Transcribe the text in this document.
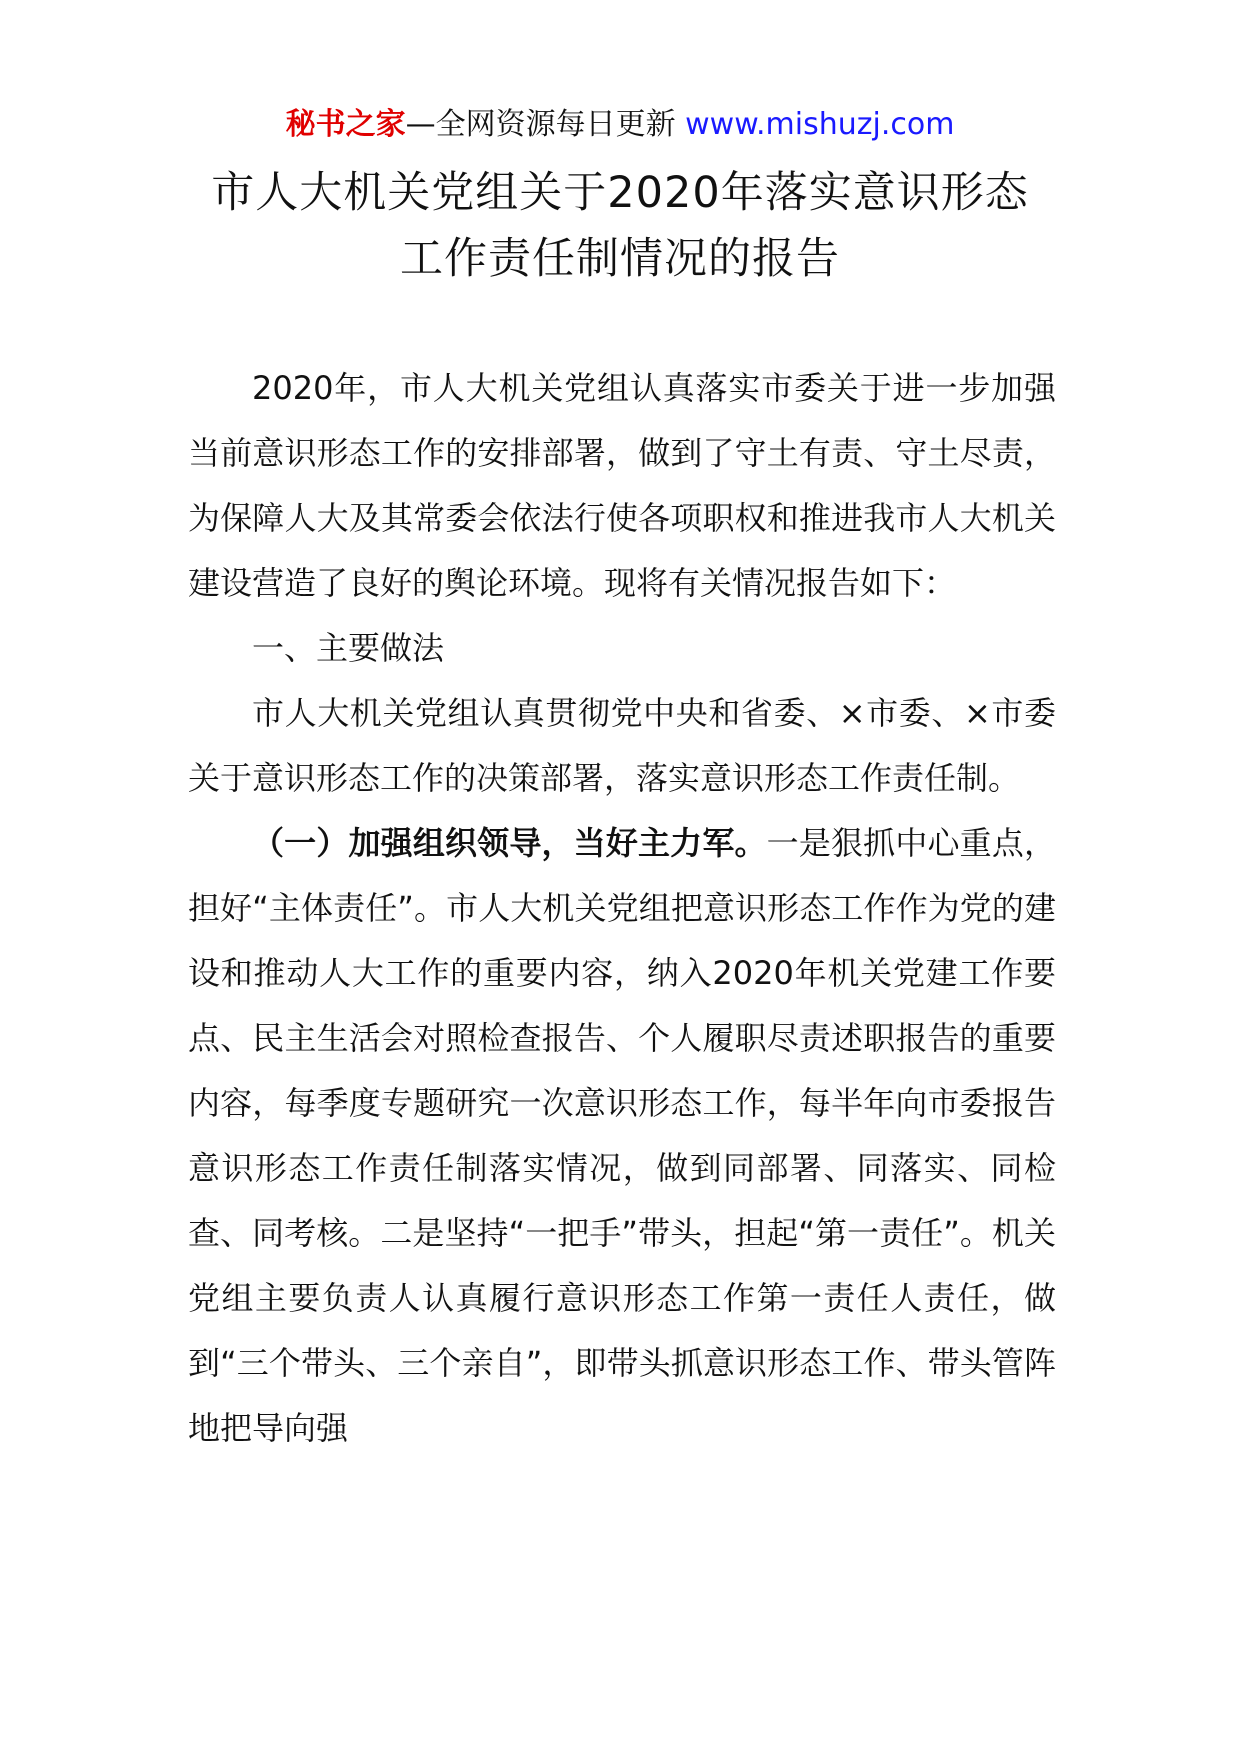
秘书之家—全网资源每日更新 www.mishuzj.com
市人大机关党组关于2020年落实意识形态
工作责任制情况的报告

2020年，市人大机关党组认真落实市委关于进一步加强当前意识形态工作的安排部署，做到了守土有责、守土尽责，为保障人大及其常委会依法行使各项职权和推进我市人大机关建设营造了良好的舆论环境。现将有关情况报告如下：

一、主要做法

市人大机关党组认真贯彻党中央和省委、×市委、×市委关于意识形态工作的决策部署，落实意识形态工作责任制。

（一）加强组织领导，当好主力军。一是狠抓中心重点，担好“主体责任”。市人大机关党组把意识形态工作作为党的建设和推动人大工作的重要内容，纳入2020年机关党建工作要点、民主生活会对照检查报告、个人履职尽责述职报告的重要内容，每季度专题研究一次意识形态工作，每半年向市委报告意识形态工作责任制落实情况，做到同部署、同落实、同检查、同考核。二是坚持“一把手”带头，担起“第一责任”。机关党组主要负责人认真履行意识形态工作第一责任人责任，做到“三个带头、三个亲自”，即带头抓意识形态工作、带头管阵地把导向强
